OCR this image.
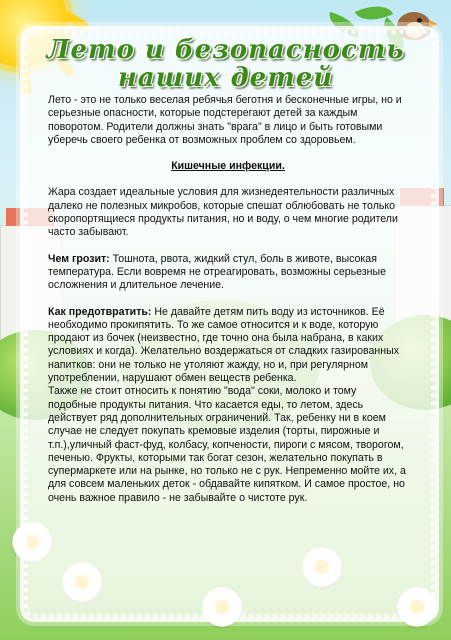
Лето и безопасность
наших детей

Лето - это не только веселая ребячья беготня и бесконечные игры, но и серьезные опасности, которые подстерегают детей за каждым поворотом. Родители должны знать "врага" в лицо и быть готовыми уберечь своего ребенка от возможных проблем со здоровьем.

Кишечные инфекции.

Жара создает идеальные условия для жизнедеятельности различных далеко не полезных микробов, которые спешат облюбовать не только скоропортящиеся продукты питания, но и воду, о чем многие родители часто забывают.

Чем грозит: Тошнота, рвота, жидкий стул, боль в животе, высокая температура. Если вовремя не отреагировать, возможны серьезные осложнения и длительное лечение.

Как предотвратить: Не давайте детям пить воду из источников. Её необходимо прокипятить. То же самое относится и к воде, которую продают из бочек (неизвестно, где точно она была набрана, в каких условиях и когда). Желательно воздержаться от сладких газированных напитков: они не только не утоляют жажду, но и, при регулярном употреблении, нарушают обмен веществ ребенка.

Также не стоит относить к понятию "вода" соки, молоко и тому подобные продукты питания. Что касается еды, то летом, здесь действует ряд дополнительных ограничений. Так, ребенку ни в коем случае не следует покупать кремовые изделия (торты, пирожные и т.п.),уличный фаст-фуд, колбасу, копчености, пироги с мясом, творогом, печенью. Фрукты, которыми так богат сезон, желательно покупать в супермаркете или на рынке, но только не с рук. Непременно мойте их, а для совсем маленьких деток - обдавайте кипятком. И самое простое, но очень важное правило - не забывайте о чистоте рук.
